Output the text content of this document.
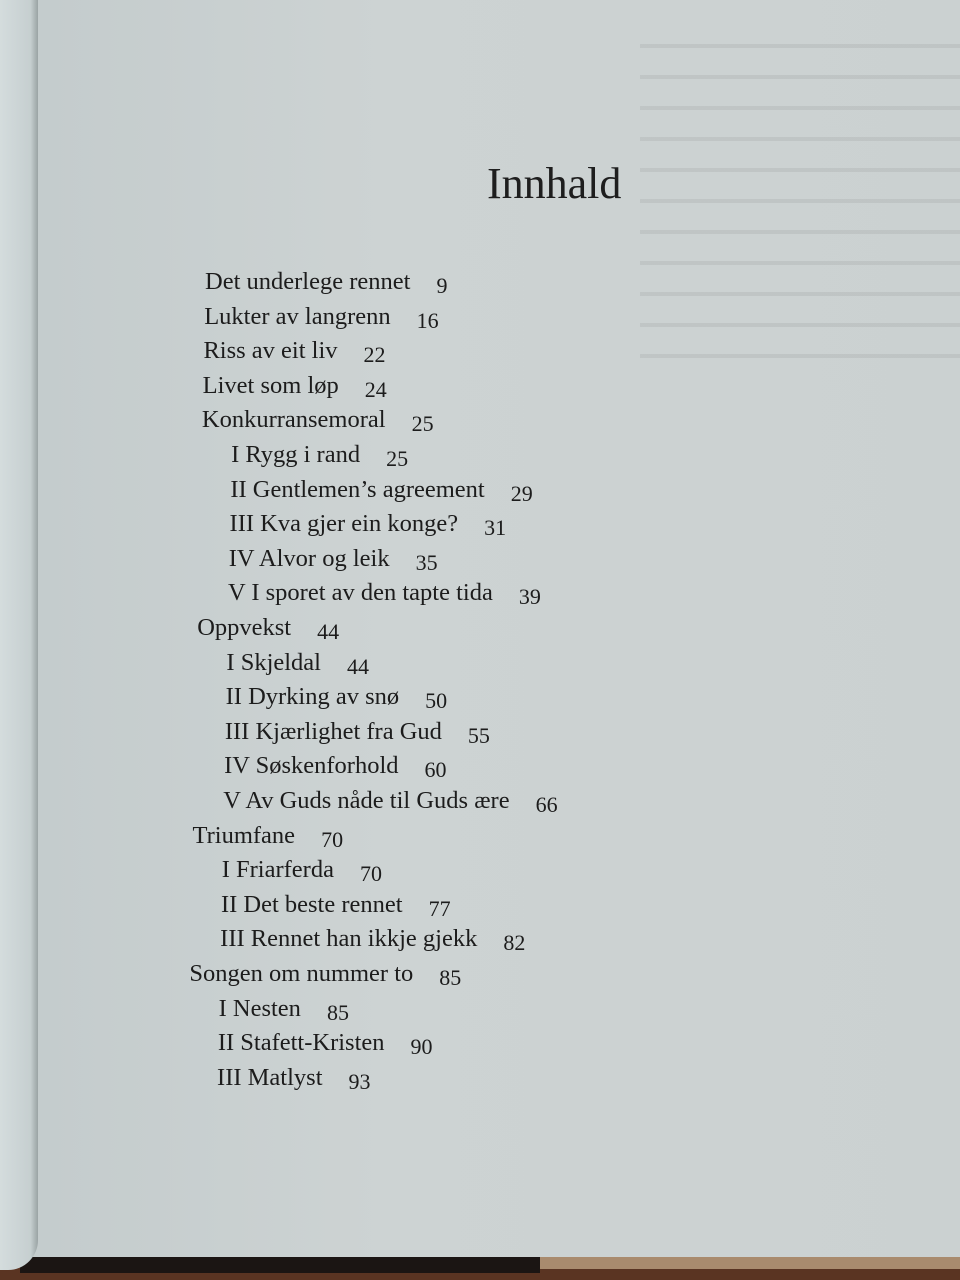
Innhald
Det underlege rennet 9
Lukter av langrenn 16
Riss av eit liv 22
Livet som løp 24
Konkurransemoral 25
I Rygg i rand 25
II Gentlemen’s agreement 29
III Kva gjer ein konge? 31
IV Alvor og leik 35
V I sporet av den tapte tida 39
Oppvekst 44
I Skjeldal 44
II Dyrking av snø 50
III Kjærlighet fra Gud 55
IV Søskenforhold 60
V Av Guds nåde til Guds ære 66
Triumfane 70
I Friarferda 70
II Det beste rennet 77
III Rennet han ikkje gjekk 82
Songen om nummer to 85
I Nesten 85
II Stafett-Kristen 90
III Matlyst 93
